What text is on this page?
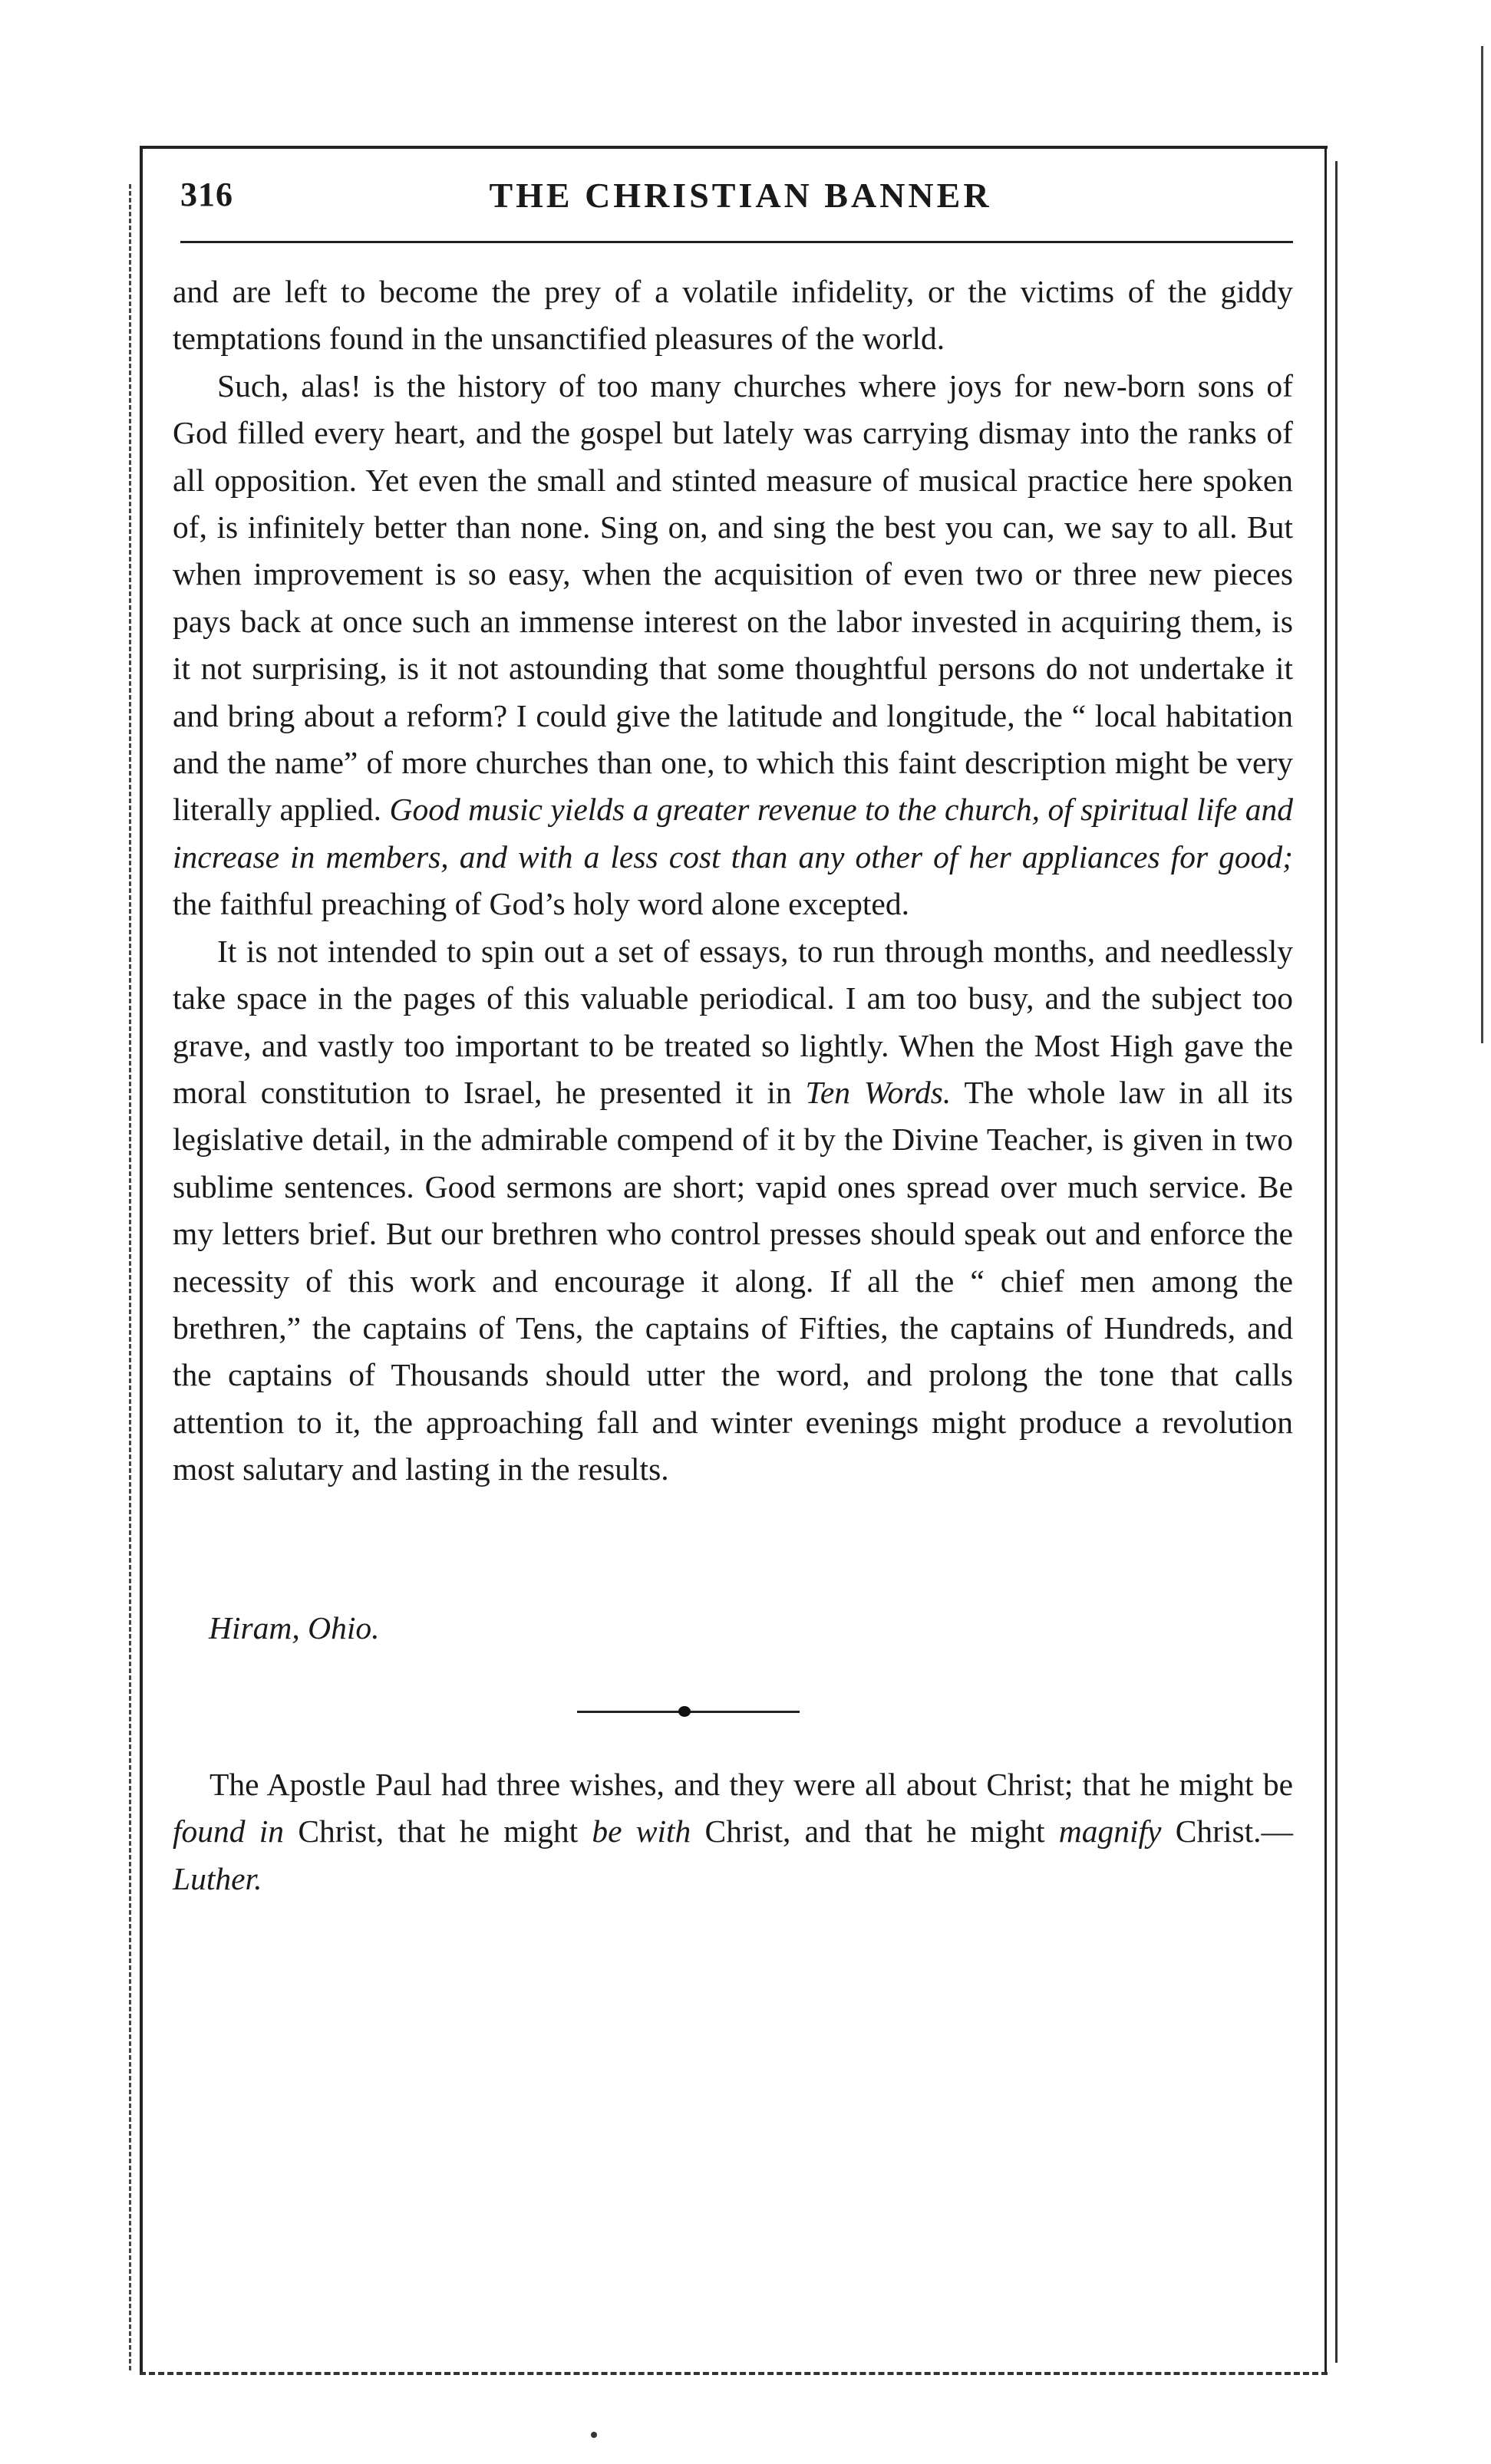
316	THE CHRISTIAN BANNER

and are left to become the prey of a volatile infidelity, or the victims of the giddy temptations found in the unsanctified pleasures of the world.

Such, alas! is the history of too many churches where joys for new-born sons of God filled every heart, and the gospel but lately was carrying dismay into the ranks of all opposition. Yet even the small and stinted measure of musical practice here spoken of, is infinitely better than none. Sing on, and sing the best you can, we say to all. But when improvement is so easy, when the acquisition of even two or three new pieces pays back at once such an immense interest on the labor invested in acquiring them, is it not surprising, is it not astounding that some thoughtful persons do not undertake it and bring about a reform? I could give the latitude and longitude, the “ local habitation and the name” of more churches than one, to which this faint description might be very literally applied. Good music yields a greater revenue to the church, of spiritual life and increase in members, and with a less cost than any other of her appliances for good; the faithful preaching of God’s holy word alone excepted.

It is not intended to spin out a set of essays, to run through months, and needlessly take space in the pages of this valuable periodical. I am too busy, and the subject too grave, and vastly too important to be treated so lightly. When the Most High gave the moral constitution to Israel, he presented it in Ten Words. The whole law in all its legislative detail, in the admirable compend of it by the Divine Teacher, is given in two sublime sentences. Good sermons are short; vapid ones spread over much service. Be my letters brief. But our brethren who control presses should speak out and enforce the necessity of this work and encourage it along. If all the “ chief men among the brethren,” the captains of Tens, the captains of Fifties, the captains of Hundreds, and the captains of Thousands should utter the word, and prolong the tone that calls attention to it, the approaching fall and winter evenings might produce a revolution most salutary and lasting in the results.

Hiram, Ohio.

The Apostle Paul had three wishes, and they were all about Christ; that he might be found in Christ, that he might be with Christ, and that he might magnify Christ.—Luther.
